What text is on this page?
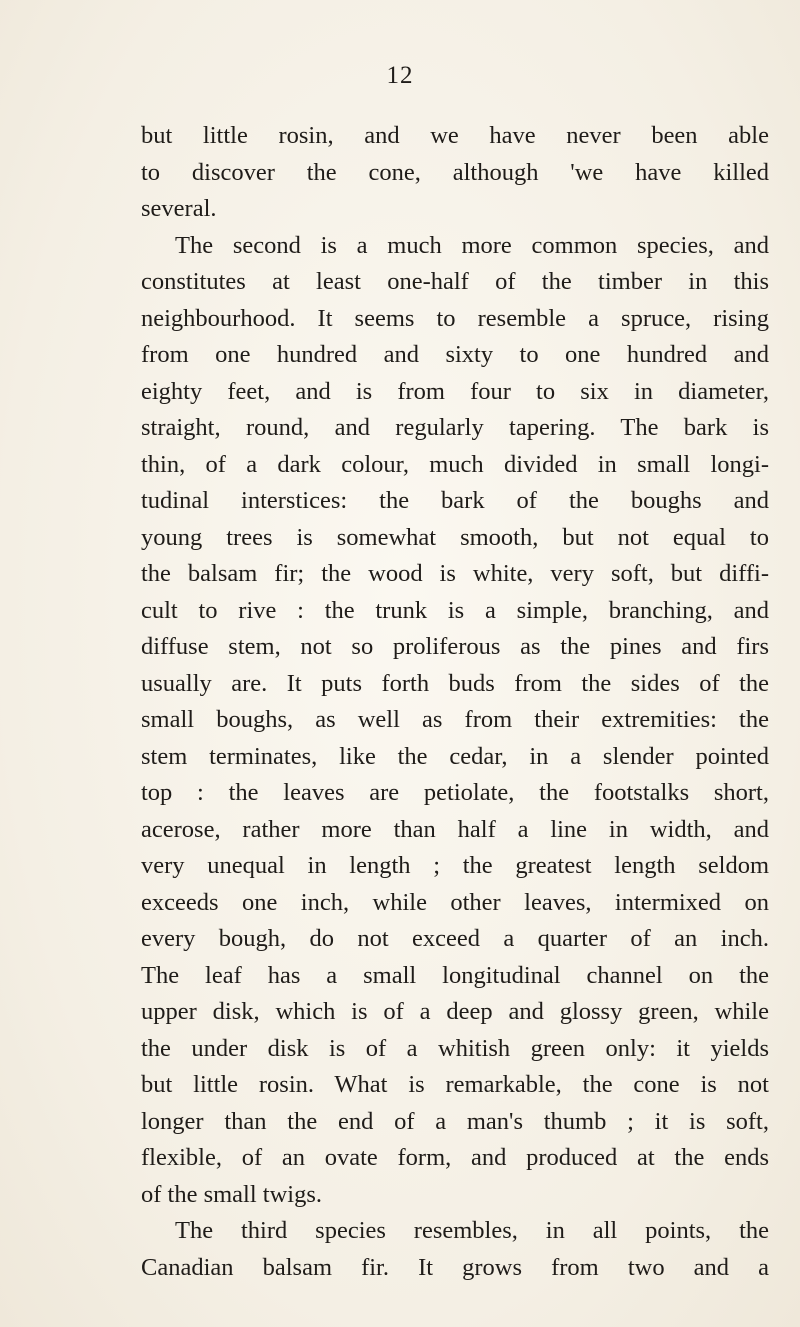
12
but little rosin, and we have never been able
to discover the cone, although 'we have killed
several.
The second is a much more common species, and
constitutes at least one-half of the timber in this
neighbourhood. It seems to resemble a spruce, rising
from one hundred and sixty to one hundred and
eighty feet, and is from four to six in diameter,
straight, round, and regularly tapering. The bark is
thin, of a dark colour, much divided in small longi-
tudinal interstices: the bark of the boughs and
young trees is somewhat smooth, but not equal to
the balsam fir; the wood is white, very soft, but diffi-
cult to rive : the trunk is a simple, branching, and
diffuse stem, not so proliferous as the pines and firs
usually are. It puts forth buds from the sides of the
small boughs, as well as from their extremities: the
stem terminates, like the cedar, in a slender pointed
top : the leaves are petiolate, the footstalks short,
acerose, rather more than half a line in width, and
very unequal in length ; the greatest length seldom
exceeds one inch, while other leaves, intermixed on
every bough, do not exceed a quarter of an inch.
The leaf has a small longitudinal channel on the
upper disk, which is of a deep and glossy green, while
the under disk is of a whitish green only: it yields
but little rosin. What is remarkable, the cone is not
longer than the end of a man's thumb ; it is soft,
flexible, of an ovate form, and produced at the ends
of the small twigs.
The third species resembles, in all points, the
Canadian balsam fir. It grows from two and a
